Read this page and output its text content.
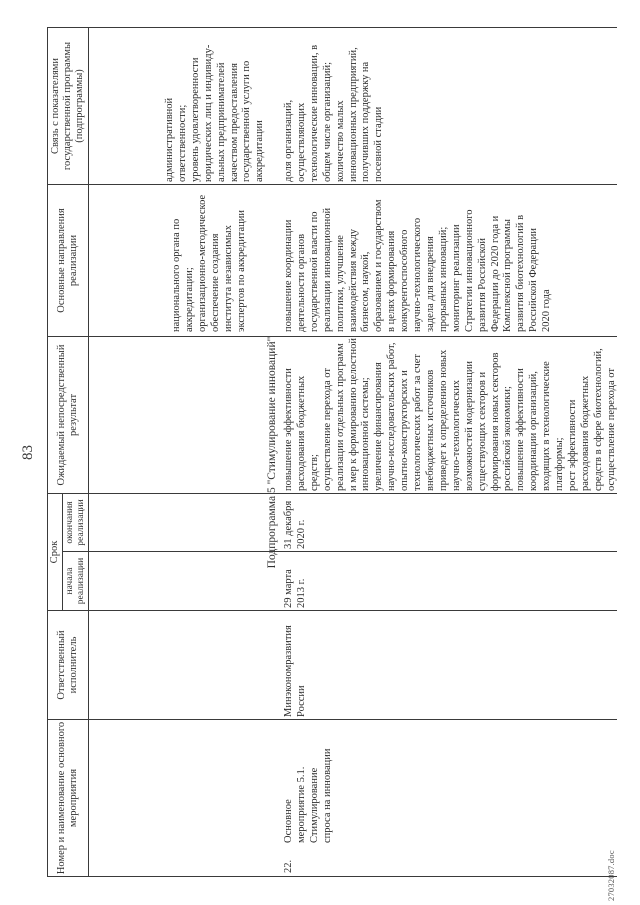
83
Номер и наименование основного мероприятия
Ответственный исполнитель
Срок
начала реализации
окончания реализации
Ожидаемый непосредственный результат
Основные направления реализации
Связь с показателями государственной программы (подпрограммы)
национального органа по
аккредитации;
организационно-методическое
обеспечение создания
института независимых
экспертов по аккредитации
административной
ответственности;
уровень удовлетворенности
юридических лиц и индивиду-
альных предпринимателей
качеством предоставления
государственной услуги по
аккредитации
Подпрограмма 5 "Стимулирование инноваций"
22.
Основное
мероприятие 5.1.
Стимулирование
спроса на инновации
Минэкономразвития
России
29 марта
2013 г.
31 декабря
2020 г.
повышение эффективности
расходования бюджетных
средств;
осуществление перехода от
реализации отдельных программ
и мер к формированию целостной
инновационной системы;
увеличение финансирования
научно-исследовательских работ,
опытно-конструкторских и
технологических работ за счет
внебюджетных источников
приведет к определению новых
научно-технологических
возможностей модернизации
существующих секторов и
формирования новых секторов
российской экономики;
повышение эффективности
координации организаций,
входящих в технологические
платформы;
рост эффективности
расходования бюджетных
средств в сфере биотехнологий,
осуществление перехода от
повышение координации
деятельности органов
государственной власти по
реализации инновационной
политики, улучшение
взаимодействия между
бизнесом, наукой,
образованием и государством
в целях формирования
конкурентоспособного
научно-технологического
задела для внедрения
прорывных инноваций;
мониторинг реализации
Стратегии инновационного
развития Российской
Федерации до 2020 года и
Комплексной программы
развития биотехнологий в
Российской Федерации
2020 года
доля организаций,
осуществляющих
технологические инновации, в
общем числе организаций;
количество малых
инновационных предприятий,
получивших поддержку на
посевной стадии
